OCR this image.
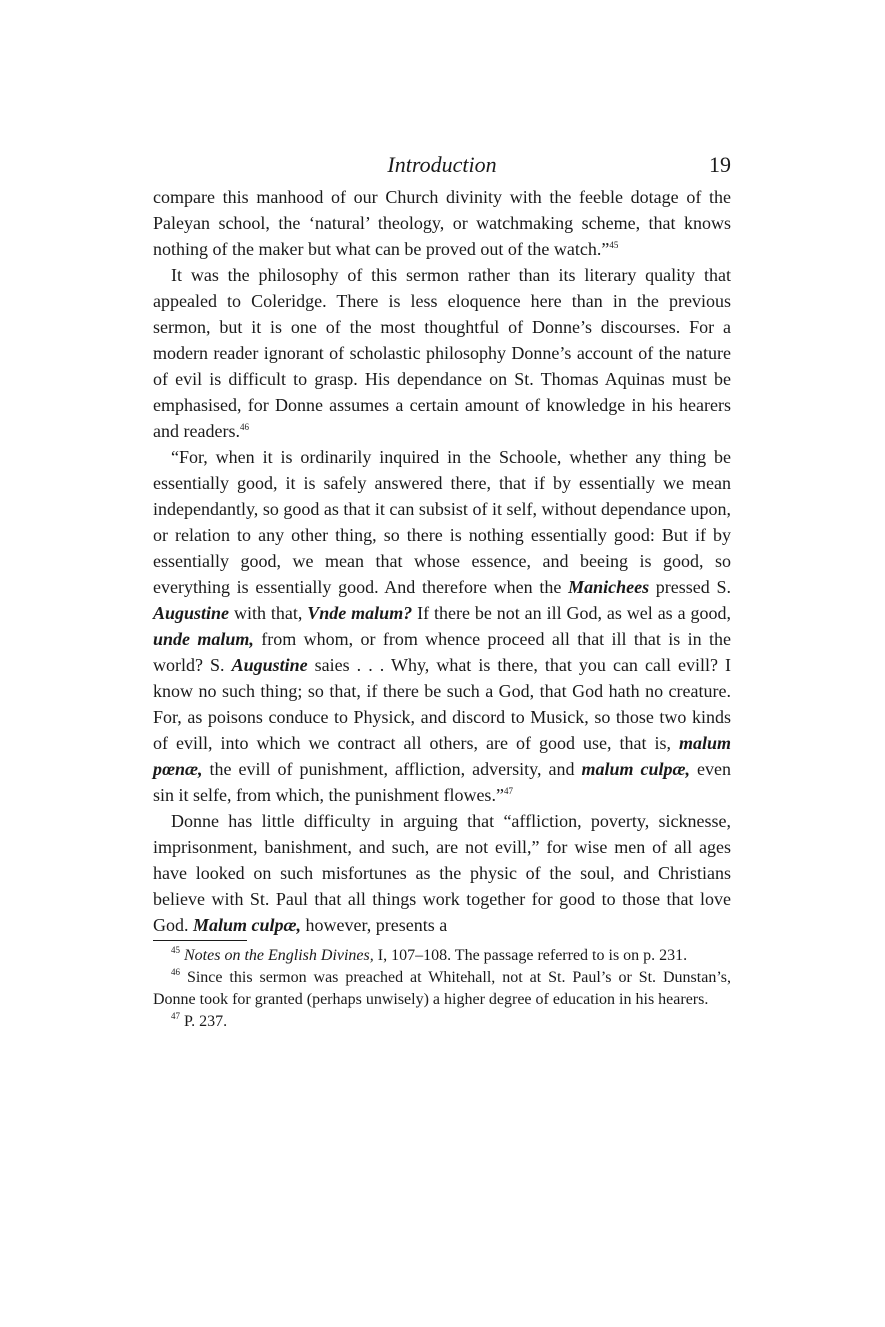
Introduction	19

compare this manhood of our Church divinity with the feeble dotage of the Paleyan school, the ‘natural’ theology, or watchmaking scheme, that knows nothing of the maker but what can be proved out of the watch.”$^{45}$

It was the philosophy of this sermon rather than its literary quality that appealed to Coleridge. There is less eloquence here than in the previous sermon, but it is one of the most thoughtful of Donne’s discourses. For a modern reader ignorant of scholastic philosophy Donne’s account of the nature of evil is difficult to grasp. His dependance on St. Thomas Aquinas must be emphasised, for Donne assumes a certain amount of knowledge in his hearers and readers.$^{46}$

“For, when it is ordinarily inquired in the Schoole, whether any thing be essentially good, it is safely answered there, that if by essentially we mean independantly, so good as that it can subsist of it self, without dependance upon, or relation to any other thing, so there is nothing essentially good: But if by essentially good, we mean that whose essence, and beeing is good, so everything is essentially good. And therefore when the Manichees pressed S. Augustine with that, Vnde malum? If there be not an ill God, as wel as a good, unde malum, from whom, or from whence proceed all that ill that is in the world? S. Augustine saies . . . Why, what is there, that you can call evill? I know no such thing; so that, if there be such a God, that God hath no creature. For, as poisons conduce to Physick, and discord to Musick, so those two kinds of evill, into which we contract all others, are of good use, that is, malum pœnæ, the evill of punishment, affliction, adversity, and malum culpæ, even sin it selfe, from which, the punishment flowes.”$^{47}$

Donne has little difficulty in arguing that “affliction, poverty, sicknesse, imprisonment, banishment, and such, are not evill,” for wise men of all ages have looked on such misfortunes as the physic of the soul, and Christians believe with St. Paul that all things work together for good to those that love God. Malum culpæ, however, presents a

$^{45}$ Notes on the English Divines, I, 107–108. The passage referred to is on p. 231.

$^{46}$ Since this sermon was preached at Whitehall, not at St. Paul’s or St. Dunstan’s, Donne took for granted (perhaps unwisely) a higher degree of education in his hearers.

$^{47}$ P. 237.
